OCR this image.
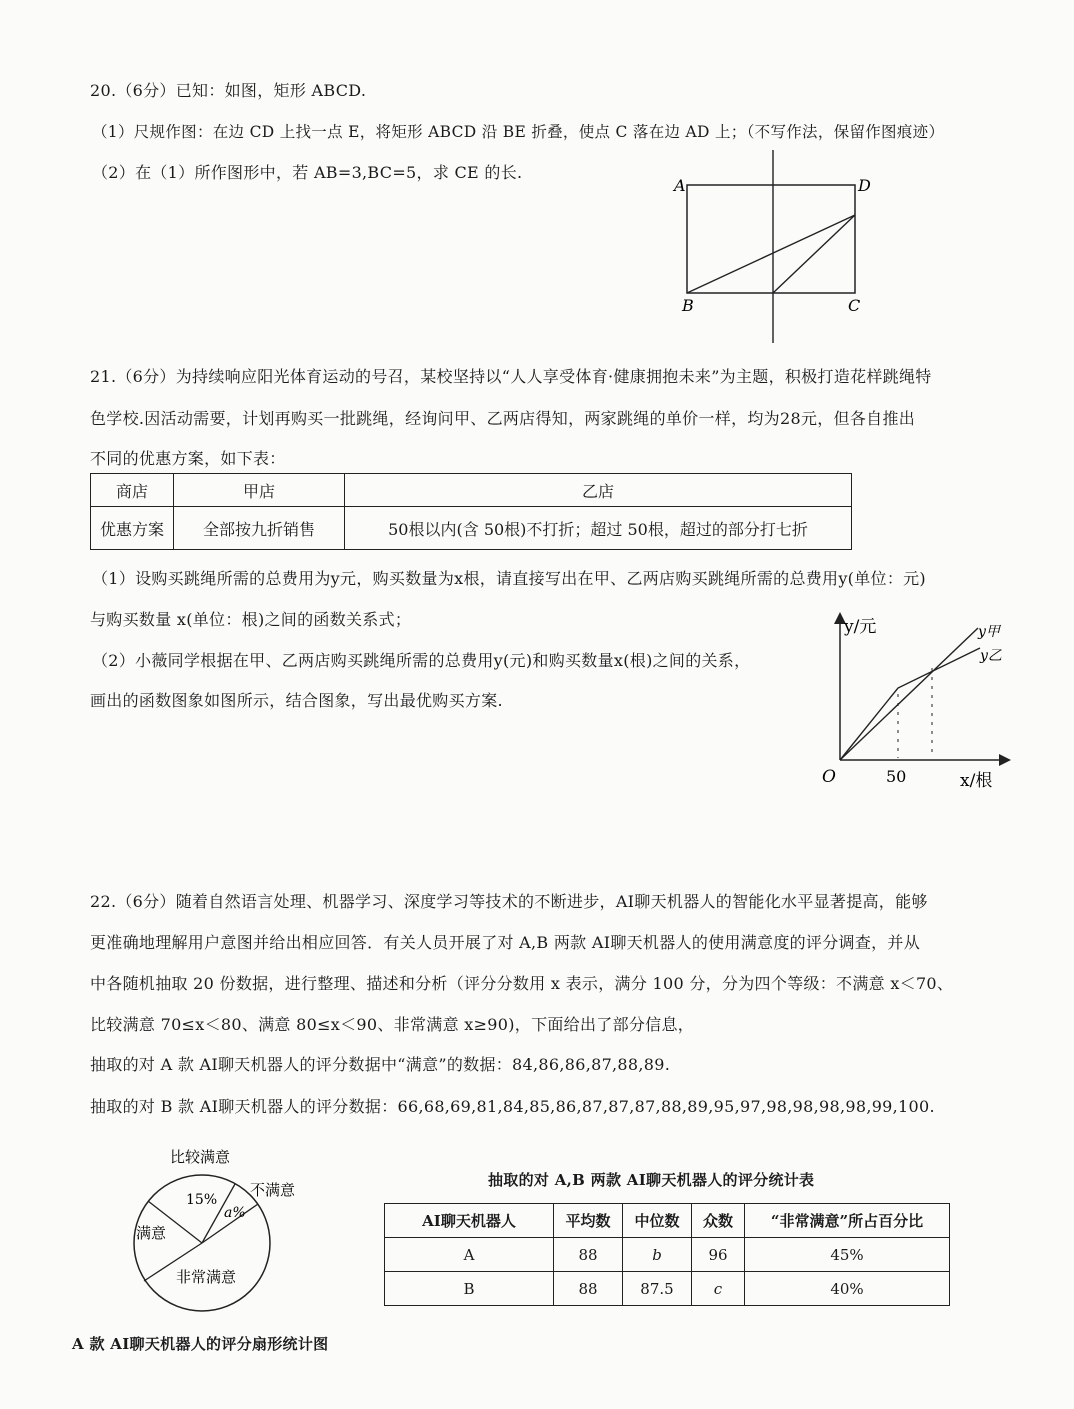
20.（6分）已知：如图，矩形 ABCD.
（1）尺规作图：在边 CD 上找一点 E，将矩形 ABCD 沿 BE 折叠，使点 C 落在边 AD 上；（不写作法，保留作图痕迹）
（2）在（1）所作图形中，若 AB=3,BC=5，求 CE 的长.
A	D
B	C
21.（6分）为持续响应阳光体育运动的号召，某校坚持以“人人享受体育·健康拥抱未来”为主题，积极打造花样跳绳特
色学校.因活动需要，计划再购买一批跳绳，经询问甲、乙两店得知，两家跳绳的单价一样，均为28元，但各自推出
不同的优惠方案，如下表：
商店	甲店	乙店
优惠方案	全部按九折销售	50根以内(含 50根)不打折；超过 50根，超过的部分打七折
（1）设购买跳绳所需的总费用为y元，购买数量为x根，请直接写出在甲、乙两店购买跳绳所需的总费用y(单位：元)
与购买数量 x(单位：根)之间的函数关系式；
（2）小薇同学根据在甲、乙两店购买跳绳所需的总费用y(元)和购买数量x(根)之间的关系，
画出的函数图象如图所示，结合图象，写出最优购买方案.
y/元
x/根
O	50
y甲
y乙
22.（6分）随着自然语言处理、机器学习、深度学习等技术的不断进步，AI聊天机器人的智能化水平显著提高，能够
更准确地理解用户意图并给出相应回答．有关人员开展了对 A,B 两款 AI聊天机器人的使用满意度的评分调查，并从
中各随机抽取 20 份数据，进行整理、描述和分析（评分分数用 x 表示，满分 100 分，分为四个等级：不满意 x＜70、
比较满意 70≤x＜80、满意 80≤x＜90、非常满意 x≥90)，下面给出了部分信息，
抽取的对 A 款 AI聊天机器人的评分数据中“满意”的数据：84,86,86,87,88,89.
抽取的对 B 款 AI聊天机器人的评分数据：66,68,69,81,84,85,86,87,87,87,88,89,95,97,98,98,98,98,99,100.
比较满意
不满意
满意
非常满意
15%
a%
A 款 AI聊天机器人的评分扇形统计图
抽取的对 A,B 两款 AI聊天机器人的评分统计表
AI聊天机器人	平均数	中位数	众数	“非常满意”所占百分比
A	88	b	96	45%
B	88	87.5	c	40%
